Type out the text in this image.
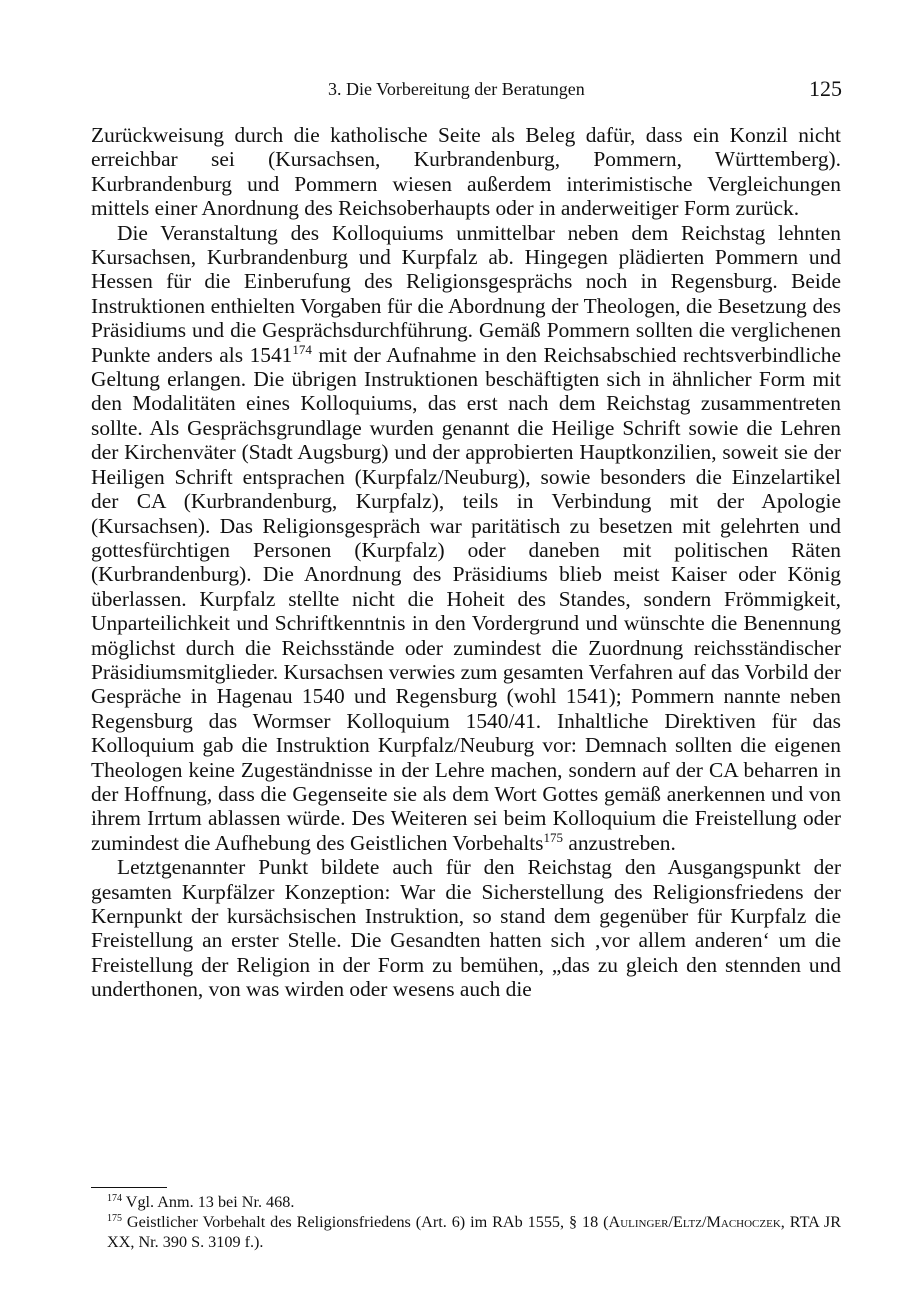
3. Die Vorbereitung der Beratungen	125

Zurückweisung durch die katholische Seite als Beleg dafür, dass ein Konzil nicht erreichbar sei (Kursachsen, Kurbrandenburg, Pommern, Württemberg). Kurbrandenburg und Pommern wiesen außerdem interimistische Vergleichungen mittels einer Anordnung des Reichsoberhaupts oder in anderweitiger Form zurück.

Die Veranstaltung des Kolloquiums unmittelbar neben dem Reichstag lehnten Kursachsen, Kurbrandenburg und Kurpfalz ab. Hingegen plädierten Pommern und Hessen für die Einberufung des Religionsgesprächs noch in Regensburg. Beide Instruktionen enthielten Vorgaben für die Abordnung der Theologen, die Besetzung des Präsidiums und die Gesprächsdurchführung. Gemäß Pommern sollten die verglichenen Punkte anders als 1541$^{174}$ mit der Aufnahme in den Reichsabschied rechtsverbindliche Geltung erlangen. Die übrigen Instruktionen beschäftigten sich in ähnlicher Form mit den Modalitäten eines Kolloquiums, das erst nach dem Reichstag zusammentreten sollte. Als Gesprächsgrundlage wurden genannt die Heilige Schrift sowie die Lehren der Kirchenväter (Stadt Augsburg) und der approbierten Hauptkonzilien, soweit sie der Heiligen Schrift entsprachen (Kurpfalz/Neuburg), sowie besonders die Einzelartikel der CA (Kurbrandenburg, Kurpfalz), teils in Verbindung mit der Apologie (Kursachsen). Das Religionsgespräch war paritätisch zu besetzen mit gelehrten und gottesfürchtigen Personen (Kurpfalz) oder daneben mit politischen Räten (Kurbrandenburg). Die Anordnung des Präsidiums blieb meist Kaiser oder König überlassen. Kurpfalz stellte nicht die Hoheit des Standes, sondern Frömmigkeit, Unparteilichkeit und Schriftkenntnis in den Vordergrund und wünschte die Benennung möglichst durch die Reichsstände oder zumindest die Zuordnung reichsständischer Präsidiumsmitglieder. Kursachsen verwies zum gesamten Verfahren auf das Vorbild der Gespräche in Hagenau 1540 und Regensburg (wohl 1541); Pommern nannte neben Regensburg das Wormser Kolloquium 1540/41. Inhaltliche Direktiven für das Kolloquium gab die Instruktion Kurpfalz/Neuburg vor: Demnach sollten die eigenen Theologen keine Zugeständnisse in der Lehre machen, sondern auf der CA beharren in der Hoffnung, dass die Gegenseite sie als dem Wort Gottes gemäß anerkennen und von ihrem Irrtum ablassen würde. Des Weiteren sei beim Kolloquium die Freistellung oder zumindest die Aufhebung des Geistlichen Vorbehalts$^{175}$ anzustreben.

Letztgenannter Punkt bildete auch für den Reichstag den Ausgangspunkt der gesamten Kurpfälzer Konzeption: War die Sicherstellung des Religionsfriedens der Kernpunkt der kursächsischen Instruktion, so stand dem gegenüber für Kurpfalz die Freistellung an erster Stelle. Die Gesandten hatten sich ‚vor allem anderen‘ um die Freistellung der Religion in der Form zu bemühen, „das zu gleich den stennden und underthonen, von was wirden oder wesens auch die

$^{174}$ Vgl. Anm. 13 bei Nr. 468.

$^{175}$ Geistlicher Vorbehalt des Religionsfriedens (Art. 6) im RAb 1555, § 18 (Aulinger/Eltz/Machoczek, RTA JR XX, Nr. 390 S. 3109 f.).
